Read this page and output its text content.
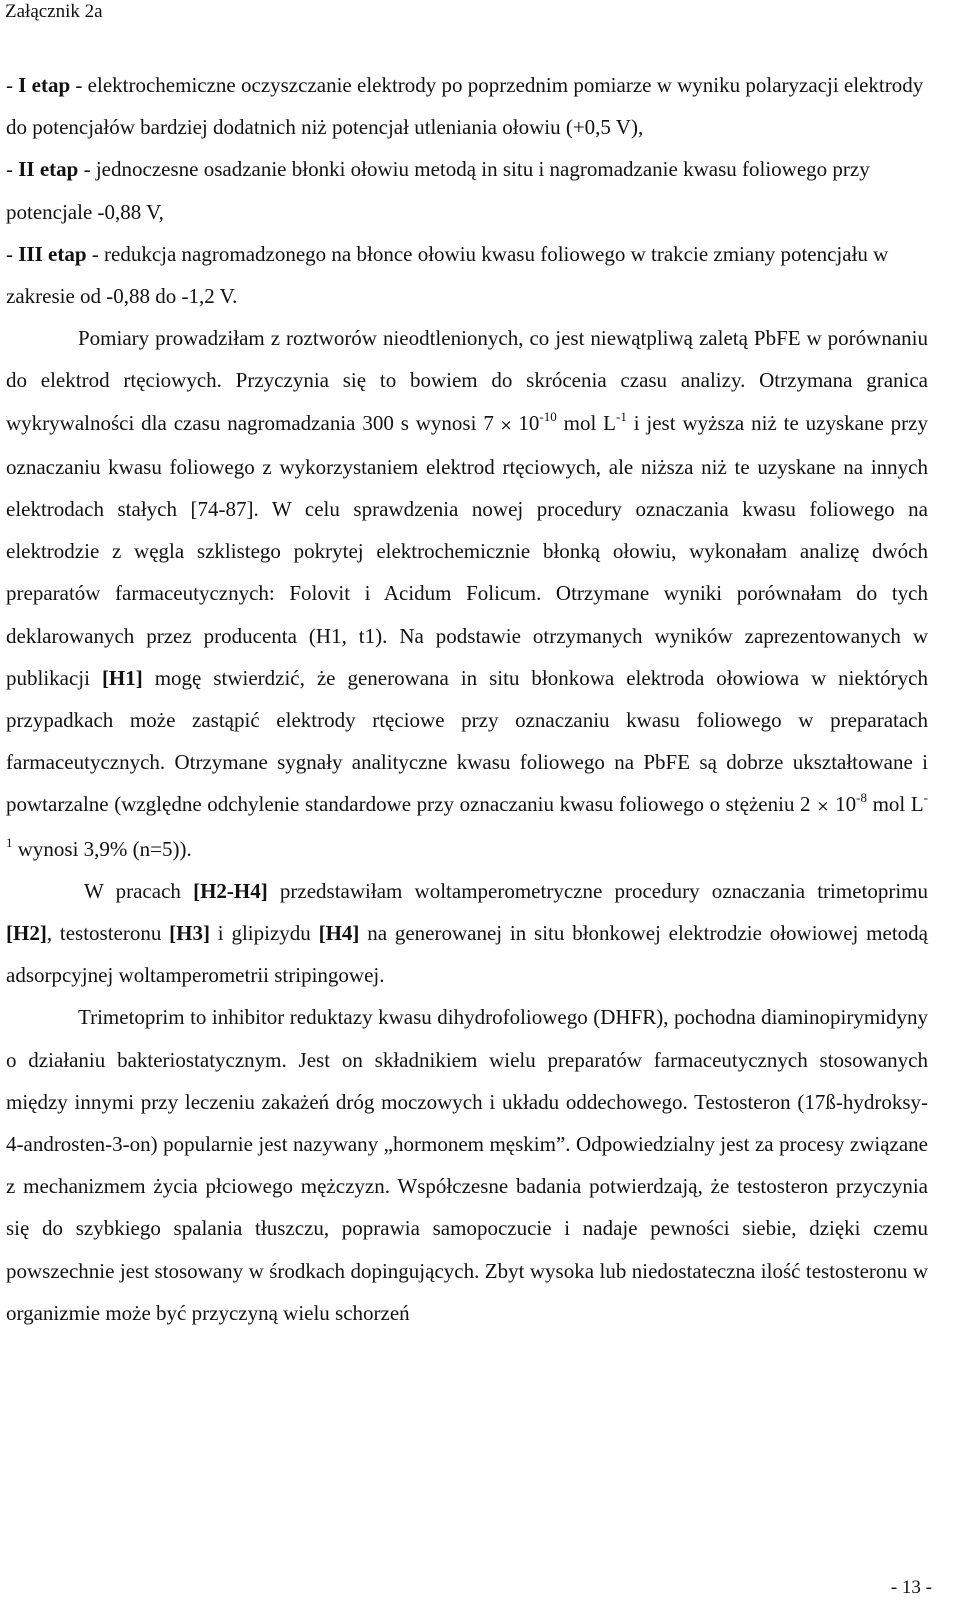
Załącznik 2a

- I etap - elektrochemiczne oczyszczanie elektrody po poprzednim pomiarze w wyniku polaryzacji elektrody do potencjałów bardziej dodatnich niż potencjał utleniania ołowiu (+0,5 V),

- II etap - jednoczesne osadzanie błonki ołowiu metodą in situ i nagromadzanie kwasu foliowego przy potencjale -0,88 V,

- III etap - redukcja nagromadzonego na błonce ołowiu kwasu foliowego w trakcie zmiany potencjału w zakresie od -0,88 do -1,2 V.

Pomiary prowadziłam z roztworów nieodtlenionych, co jest niewątpliwą zaletą PbFE w porównaniu do elektrod rtęciowych. Przyczynia się to bowiem do skrócenia czasu analizy. Otrzymana granica wykrywalności dla czasu nagromadzania 300 s wynosi $7 \times 10^{-10}$ mol $L^{-1}$ i jest wyższa niż te uzyskane przy oznaczaniu kwasu foliowego z wykorzystaniem elektrod rtęciowych, ale niższa niż te uzyskane na innych elektrodach stałych [74-87]. W celu sprawdzenia nowej procedury oznaczania kwasu foliowego na elektrodzie z węgla szklistego pokrytej elektrochemicznie błonką ołowiu, wykonałam analizę dwóch preparatów farmaceutycznych: Folovit i Acidum Folicum. Otrzymane wyniki porównałam do tych deklarowanych przez producenta (H1, t1). Na podstawie otrzymanych wyników zaprezentowanych w publikacji [H1] mogę stwierdzić, że generowana in situ błonkowa elektroda ołowiowa w niektórych przypadkach może zastąpić elektrody rtęciowe przy oznaczaniu kwasu foliowego w preparatach farmaceutycznych. Otrzymane sygnały analityczne kwasu foliowego na PbFE są dobrze ukształtowane i powtarzalne (względne odchylenie standardowe przy oznaczaniu kwasu foliowego o stężeniu $2 \times 10^{-8}$ mol $L^{-1}$ wynosi 3,9% (n=5)).

W pracach [H2-H4] przedstawiłam woltamperometryczne procedury oznaczania trimetoprimu [H2], testosteronu [H3] i glipizydu [H4] na generowanej in situ błonkowej elektrodzie ołowiowej metodą adsorpcyjnej woltamperometrii stripingowej.

Trimetoprim to inhibitor reduktazy kwasu dihydrofoliowego (DHFR), pochodna diaminopirymidyny o działaniu bakteriostatycznym. Jest on składnikiem wielu preparatów farmaceutycznych stosowanych między innymi przy leczeniu zakażeń dróg moczowych i układu oddechowego. Testosteron (17ß-hydroksy-4-androsten-3-on) popularnie jest nazywany „hormonem męskim”. Odpowiedzialny jest za procesy związane z mechanizmem życia płciowego mężczyzn. Współczesne badania potwierdzają, że testosteron przyczynia się do szybkiego spalania tłuszczu, poprawia samopoczucie i nadaje pewności siebie, dzięki czemu powszechnie jest stosowany w środkach dopingujących. Zbyt wysoka lub niedostateczna ilość testosteronu w organizmie może być przyczyną wielu schorzeń

- 13 -
